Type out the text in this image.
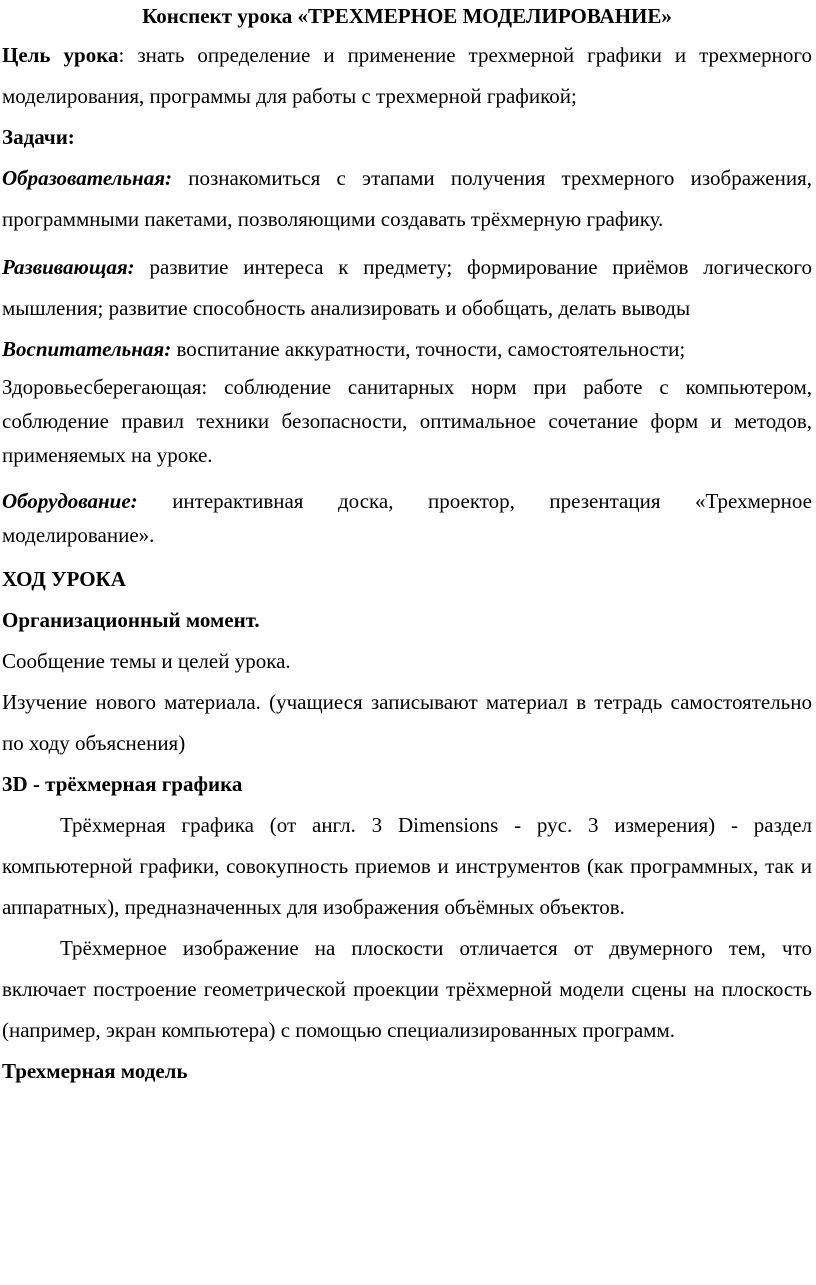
Конспект урока «ТРЕХМЕРНОЕ МОДЕЛИРОВАНИЕ»

Цель урока: знать определение и применение трехмерной графики и трехмерного моделирования, программы для работы с трехмерной графикой;

Задачи:

Образовательная: познакомиться с этапами получения трехмерного изображения, программными пакетами, позволяющими создавать трёхмерную графику.

Развивающая: развитие интереса к предмету; формирование приёмов логического мышления; развитие способность анализировать и обобщать, делать выводы

Воспитательная: воспитание аккуратности, точности, самостоятельности;

Здоровьесберегающая: соблюдение санитарных норм при работе с компьютером, соблюдение правил техники безопасности, оптимальное сочетание форм и методов, применяемых на уроке.

Оборудование: интерактивная доска, проектор, презентация «Трехмерное моделирование».

ХОД УРОКА

Организационный момент.

Сообщение темы и целей урока.

Изучение нового материала. (учащиеся записывают материал в тетрадь самостоятельно по ходу объяснения)

3D - трёхмерная графика

Трёхмерная графика (от англ. 3 Dimensions - рус. 3 измерения) - раздел компьютерной графики, совокупность приемов и инструментов (как программных, так и аппаратных), предназначенных для изображения объёмных объектов.

Трёхмерное изображение на плоскости отличается от двумерного тем, что включает построение геометрической проекции трёхмерной модели сцены на плоскость (например, экран компьютера) с помощью специализированных программ.

Трехмерная модель
